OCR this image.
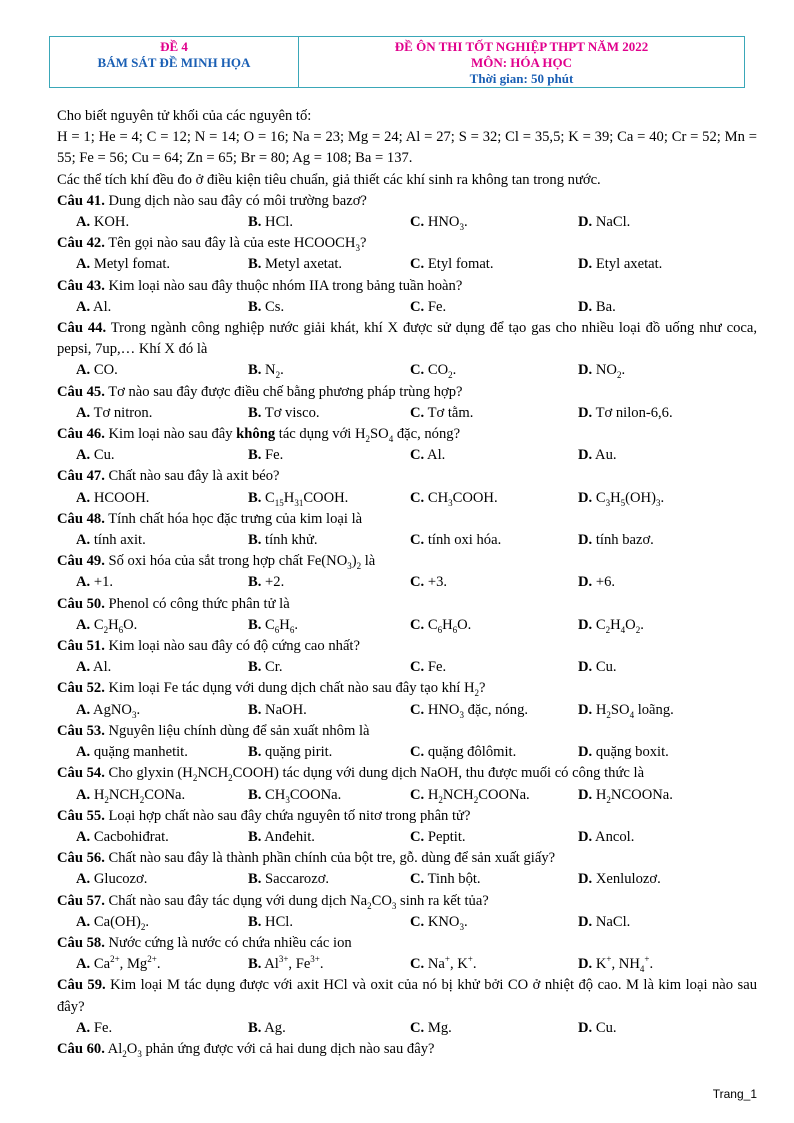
ĐỀ 4
BÁM SÁT ĐỀ MINH HỌA
ĐỀ ÔN THI TỐT NGHIỆP THPT NĂM 2022
MÔN: HÓA HỌC
Thời gian: 50 phút

Cho biết nguyên tử khối của các nguyên tố:

H = 1; He = 4; C = 12; N = 14; O = 16; Na = 23; Mg = 24; Al = 27; S = 32; Cl = 35,5; K = 39; Ca = 40; Cr = 52; Mn = 55; Fe = 56; Cu = 64; Zn = 65; Br = 80; Ag = 108; Ba = 137.

Các thể tích khí đều đo ở điều kiện tiêu chuẩn, giả thiết các khí sinh ra không tan trong nước.

Câu 41. Dung dịch nào sau đây có môi trường bazơ?

A. KOH.	B. HCl.	C. $HNO_3$.	D. NaCl.

Câu 42. Tên gọi nào sau đây là của este $HCOOCH_3$?

A. Metyl fomat.	B. Metyl axetat.	C. Etyl fomat.	D. Etyl axetat.

Câu 43. Kim loại nào sau đây thuộc nhóm IIA trong bảng tuần hoàn?

A. Al.	B. Cs.	C. Fe.	D. Ba.

Câu 44. Trong ngành công nghiệp nước giải khát, khí X được sử dụng để tạo gas cho nhiều loại đồ uống như coca, pepsi, 7up,… Khí X đó là

A. CO.	B. $N_2$.	C. $CO_2$.	D. $NO_2$.

Câu 45. Tơ nào sau đây được điều chế bằng phương pháp trùng hợp?

A. Tơ nitron.	B. Tơ visco.	C. Tơ tằm.	D. Tơ nilon-6,6.

Câu 46. Kim loại nào sau đây không tác dụng với $H_2SO_4$ đặc, nóng?

A. Cu.	B. Fe.	C. Al.	D. Au.

Câu 47. Chất nào sau đây là axit béo?

A. HCOOH.	B. $C_{15}H_{31}COOH$.	C. $CH_3COOH$.	D. $C_3H_5(OH)_3$.

Câu 48. Tính chất hóa học đặc trưng của kim loại là

A. tính axit.	B. tính khử.	C. tính oxi hóa.	D. tính bazơ.

Câu 49. Số oxi hóa của sắt trong hợp chất $Fe(NO_3)_2$ là

A. +1.	B. +2.	C. +3.	D. +6.

Câu 50. Phenol có công thức phân tử là

A. $C_2H_6O$.	B. $C_6H_6$.	C. $C_6H_6O$.	D. $C_2H_4O_2$.

Câu 51. Kim loại nào sau đây có độ cứng cao nhất?

A. Al.	B. Cr.	C. Fe.	D. Cu.

Câu 52. Kim loại Fe tác dụng với dung dịch chất nào sau đây tạo khí $H_2$?

A. AgNO$_3$.	B. NaOH.	C. $HNO_3$ đặc, nóng.	D. $H_2SO_4$ loãng.

Câu 53. Nguyên liệu chính dùng để sản xuất nhôm là

A. quặng manhetit.	B. quặng pirit.	C. quặng đôlômit.	D. quặng boxit.

Câu 54. Cho glyxin $(H_2NCH_2COOH)$ tác dụng với dung dịch NaOH, thu được muối có công thức là

A. $H_2NCH_2CONa$.	B. $CH_3COONa$.	C. $H_2NCH_2COONa$.	D. $H_2NCOONa$.

Câu 55. Loại hợp chất nào sau đây chứa nguyên tố nitơ trong phân tử?

A. Cacbohiđrat.	B. Anđehit.	C. Peptit.	D. Ancol.

Câu 56. Chất nào sau đây là thành phần chính của bột tre, gỗ. dùng để sản xuất giấy?

A. Glucozơ.	B. Saccarozơ.	C. Tinh bột.	D. Xenlulozơ.

Câu 57. Chất nào sau đây tác dụng với dung dịch $Na_2CO_3$ sinh ra kết tủa?

A. $Ca(OH)_2$.	B. HCl.	C. $KNO_3$.	D. NaCl.

Câu 58. Nước cứng là nước có chứa nhiều các ion

A. $Ca^{2+}$, $Mg^{2+}$.	B. $Al^{3+}$, $Fe^{3+}$.	C. Na+, K+.	D. K+, $NH_4^+$.

Câu 59. Kim loại M tác dụng được với axit HCl và oxit của nó bị khử bởi CO ở nhiệt độ cao. M là kim loại nào sau đây?

A. Fe.	B. Ag.	C. Mg.	D. Cu.

Câu 60. $Al_2O_3$ phản ứng được với cả hai dung dịch nào sau đây?

Trang_1
